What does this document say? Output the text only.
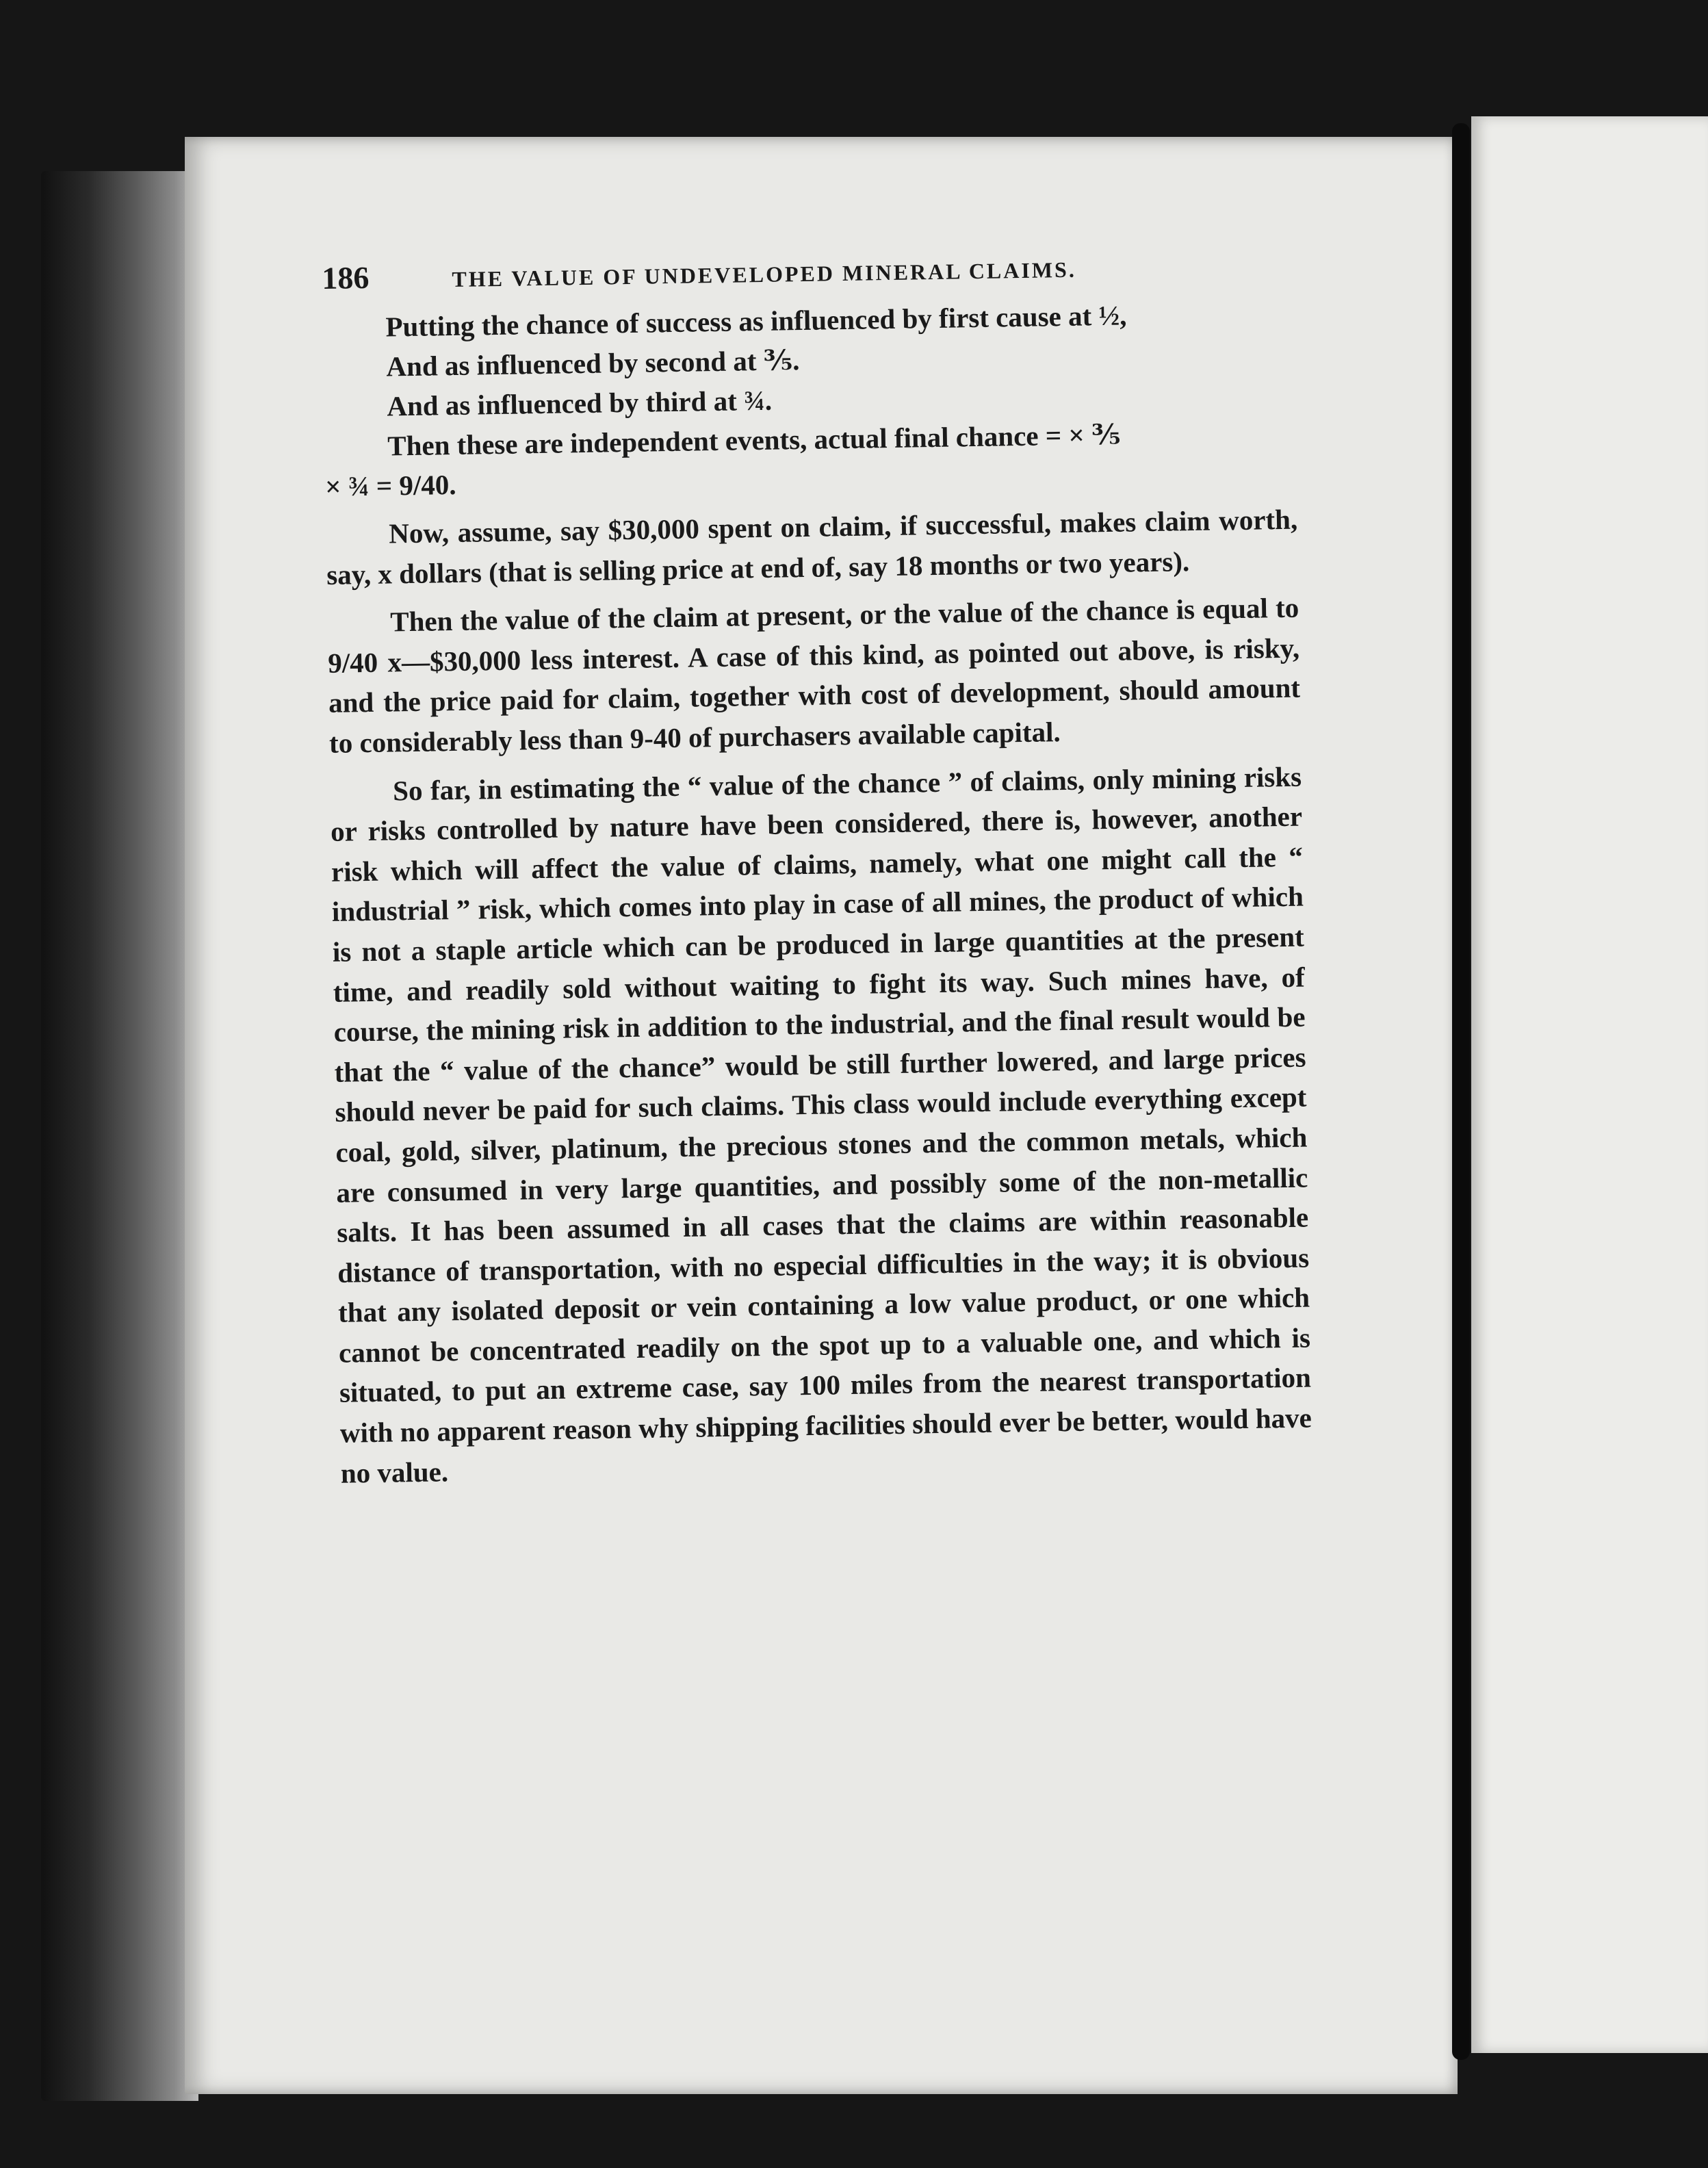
186	THE VALUE OF UNDEVELOPED MINERAL CLAIMS.
Putting the chance of success as influenced by first cause at ½,
And as influenced by second at ⅗.
And as influenced by third at ¾.
Then these are independent events, actual final chance = × ⅗
× ¾ = 9/40.

Now, assume, say $30,000 spent on claim, if successful, makes claim worth, say, x dollars (that is selling price at end of, say 18 months or two years).

Then the value of the claim at present, or the value of the chance is equal to 9/40 x—$30,000 less interest. A case of this kind, as pointed out above, is risky, and the price paid for claim, together with cost of development, should amount to considerably less than 9-40 of purchasers available capital.

So far, in estimating the “ value of the chance ” of claims, only mining risks or risks controlled by nature have been considered, there is, however, another risk which will affect the value of claims, namely, what one might call the “ industrial ” risk, which comes into play in case of all mines, the product of which is not a staple article which can be produced in large quantities at the present time, and readily sold without waiting to fight its way. Such mines have, of course, the mining risk in addition to the industrial, and the final result would be that the “ value of the chance” would be still further lowered, and large prices should never be paid for such claims. This class would include everything except coal, gold, silver, platinum, the precious stones and the common metals, which are consumed in very large quantities, and possibly some of the non-metallic salts. It has been assumed in all cases that the claims are within reasonable distance of transportation, with no especial difficulties in the way; it is obvious that any isolated deposit or vein containing a low value product, or one which cannot be concentrated readily on the spot up to a valuable one, and which is situated, to put an extreme case, say 100 miles from the nearest transportation with no apparent reason why shipping facilities should ever be better, would have no value.
